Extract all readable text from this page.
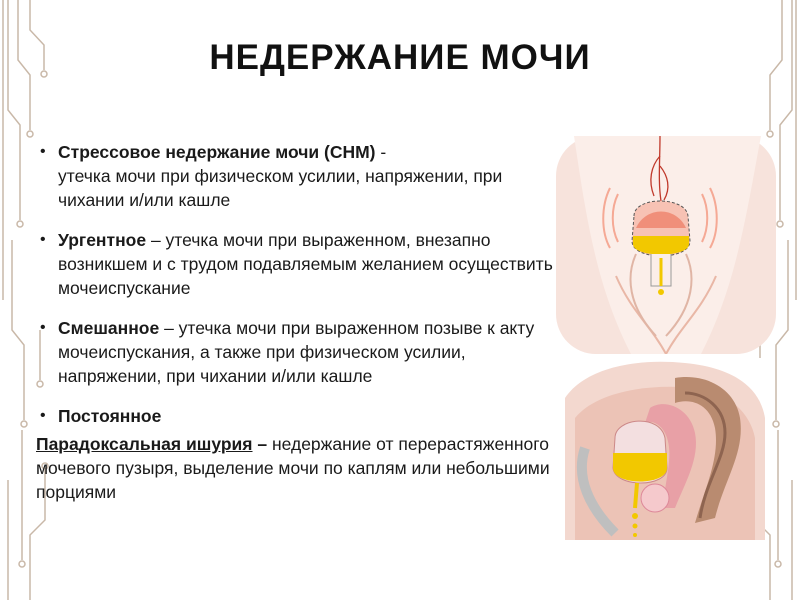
НЕДЕРЖАНИЕ МОЧИ
• Стрессовое недержание мочи (СНМ) -
утечка мочи при физическом усилии, напряжении, при чихании и/или кашле
• Ургентное – утечка мочи при выраженном, внезапно возникшем и с трудом подавляемым желанием осуществить мочеиспускание
• Смешанное – утечка мочи при выраженном позыве к акту мочеиспускания, а также при физическом усилии, напряжении, при чихании и/или кашле
• Постоянное
Парадоксальная ишурия – недержание от перерастяженного мочевого пузыря, выделение мочи по каплям или небольшими порциями
